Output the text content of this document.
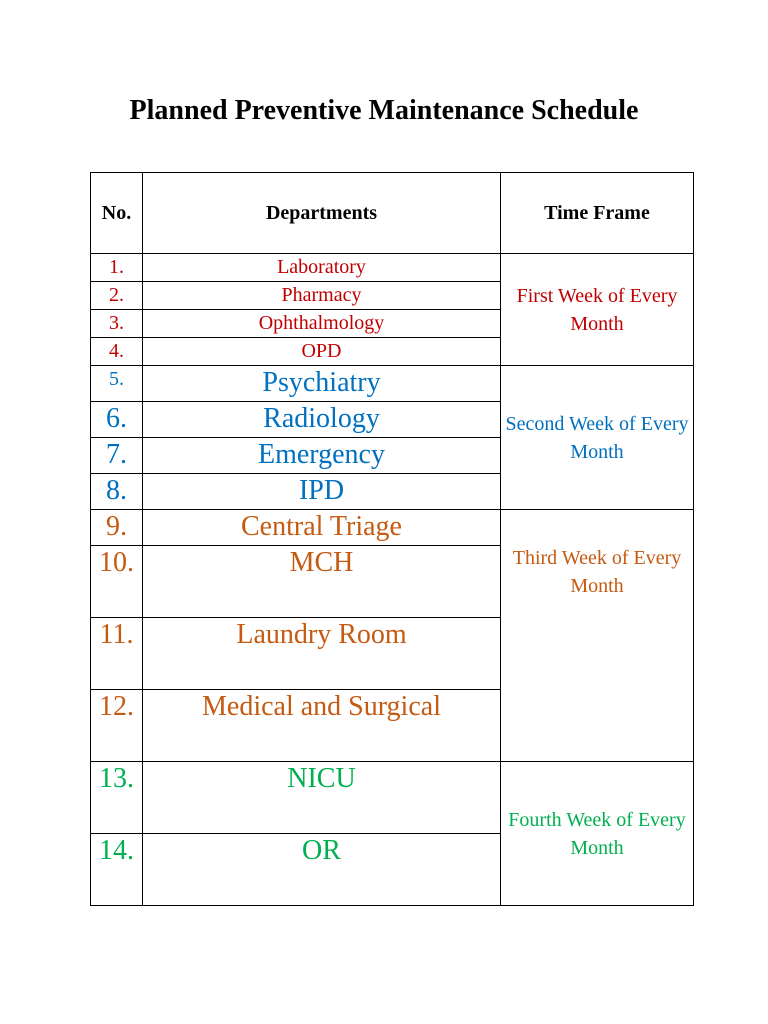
Planned Preventive Maintenance Schedule
No.	Departments	Time Frame

1.	Laboratory	First Week of Every Month

2.	Pharmacy	

3.	Ophthalmology	

4.	OPD	

5.	Psychiatry	Second Week of Every Month

6.	Radiology	

7.	Emergency	

8.	IPD	

9.	Central Triage	Third Week of Every Month

10.	MCH	

11.	Laundry Room	

12.	Medical and Surgical	

13.	NICU	Fourth Week of Every Month

14.	OR	
